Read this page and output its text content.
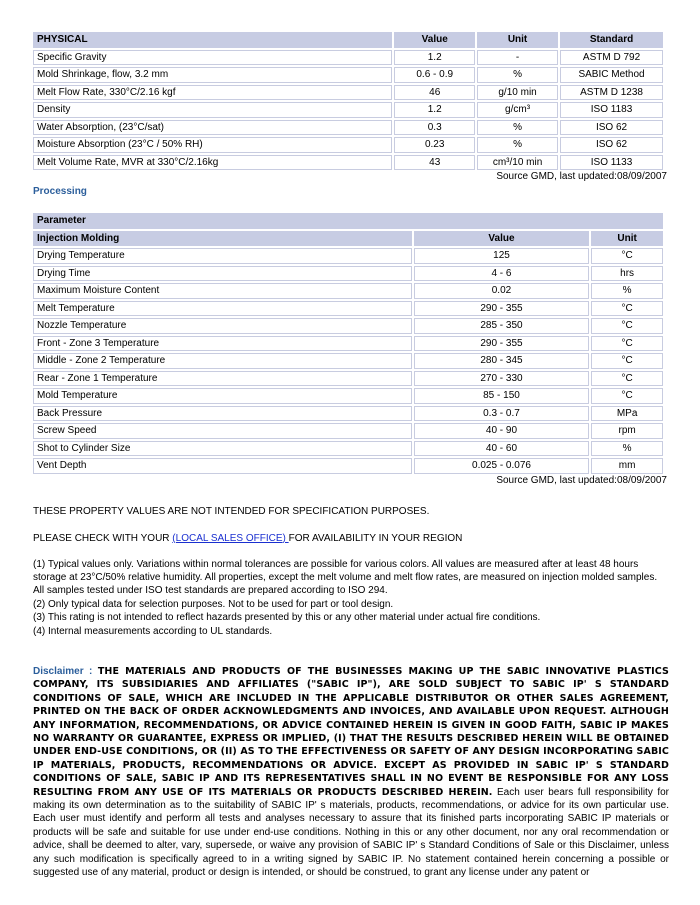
PHYSICAL	Value	Unit	Standard
Specific Gravity	1.2	-	ASTM D 792
Mold Shrinkage, flow, 3.2 mm	0.6 - 0.9	%	SABIC Method
Melt Flow Rate, 330°C/2.16 kgf	46	g/10 min	ASTM D 1238
Density	1.2	g/cm³	ISO 1183
Water Absorption, (23°C/sat)	0.3	%	ISO 62
Moisture Absorption (23°C / 50% RH)	0.23	%	ISO 62
Melt Volume Rate, MVR at 330°C/2.16kg	43	cm³/10 min	ISO 1133
Source GMD, last updated:08/09/2007
Processing
Parameter		
Injection Molding	Value	Unit
Drying Temperature	125	°C
Drying Time	4 - 6	hrs
Maximum Moisture Content	0.02	%
Melt Temperature	290 - 355	°C
Nozzle Temperature	285 - 350	°C
Front - Zone 3 Temperature	290 - 355	°C
Middle - Zone 2 Temperature	280 - 345	°C
Rear - Zone 1 Temperature	270 - 330	°C
Mold Temperature	85 - 150	°C
Back Pressure	0.3 - 0.7	MPa
Screw Speed	40 - 90	rpm
Shot to Cylinder Size	40 - 60	%
Vent Depth	0.025 - 0.076	mm
Source GMD, last updated:08/09/2007
THESE PROPERTY VALUES ARE NOT INTENDED FOR SPECIFICATION PURPOSES.
PLEASE CHECK WITH YOUR (LOCAL SALES OFFICE) FOR AVAILABILITY IN YOUR REGION
(1) Typical values only. Variations within normal tolerances are possible for various colors. All values are measured after at least 48 hours storage at 23°C/50% relative humidity. All properties, except the melt volume and melt flow rates, are measured on injection molded samples. All samples tested under ISO test standards are prepared according to ISO 294.
(2) Only typical data for selection purposes. Not to be used for part or tool design.
(3) This rating is not intended to reflect hazards presented by this or any other material under actual fire conditions.
(4) Internal measurements according to UL standards.
Disclaimer : THE MATERIALS AND PRODUCTS OF THE BUSINESSES MAKING UP THE SABIC INNOVATIVE PLASTICS COMPANY, ITS SUBSIDIARIES AND AFFILIATES ("SABIC IP"), ARE SOLD SUBJECT TO SABIC IP' S STANDARD CONDITIONS OF SALE, WHICH ARE INCLUDED IN THE APPLICABLE DISTRIBUTOR OR OTHER SALES AGREEMENT, PRINTED ON THE BACK OF ORDER ACKNOWLEDGMENTS AND INVOICES, AND AVAILABLE UPON REQUEST. ALTHOUGH ANY INFORMATION, RECOMMENDATIONS, OR ADVICE CONTAINED HEREIN IS GIVEN IN GOOD FAITH, SABIC IP MAKES NO WARRANTY OR GUARANTEE, EXPRESS OR IMPLIED, (I) THAT THE RESULTS DESCRIBED HEREIN WILL BE OBTAINED UNDER END-USE CONDITIONS, OR (II) AS TO THE EFFECTIVENESS OR SAFETY OF ANY DESIGN INCORPORATING SABIC IP MATERIALS, PRODUCTS, RECOMMENDATIONS OR ADVICE. EXCEPT AS PROVIDED IN SABIC IP' S STANDARD CONDITIONS OF SALE, SABIC IP AND ITS REPRESENTATIVES SHALL IN NO EVENT BE RESPONSIBLE FOR ANY LOSS RESULTING FROM ANY USE OF ITS MATERIALS OR PRODUCTS DESCRIBED HEREIN. Each user bears full responsibility for making its own determination as to the suitability of SABIC IP' s materials, products, recommendations, or advice for its own particular use. Each user must identify and perform all tests and analyses necessary to assure that its finished parts incorporating SABIC IP materials or products will be safe and suitable for use under end-use conditions. Nothing in this or any other document, nor any oral recommendation or advice, shall be deemed to alter, vary, supersede, or waive any provision of SABIC IP' s Standard Conditions of Sale or this Disclaimer, unless any such modification is specifically agreed to in a writing signed by SABIC IP. No statement contained herein concerning a possible or suggested use of any material, product or design is intended, or should be construed, to grant any license under any patent or
